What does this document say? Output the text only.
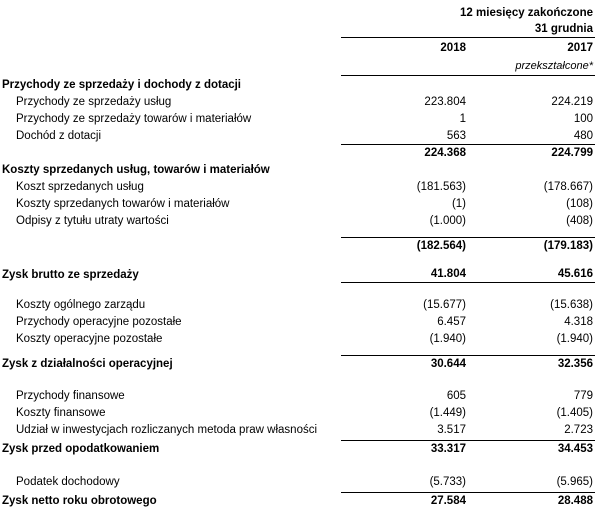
12 miesięcy zakończone
31 grudnia
2018	2017
przekształcone*
Przychody ze sprzedaży i dochody z dotacji
Przychody ze sprzedaży usług	223.804	224.219
Przychody ze sprzedaży towarów i materiałów	1	100
Dochód z dotacji	563	480
224.368	224.799
Koszty sprzedanych usług, towarów i materiałów
Koszt sprzedanych usług	(181.563)	(178.667)
Koszty sprzedanych towarów i materiałów	(1)	(108)
Odpisy z tytułu utraty wartości	(1.000)	(408)
(182.564)	(179.183)
Zysk brutto ze sprzedaży	41.804	45.616
Koszty ogólnego zarządu	(15.677)	(15.638)
Przychody operacyjne pozostałe	6.457	4.318
Koszty operacyjne pozostałe	(1.940)	(1.940)
Zysk z działalności operacyjnej	30.644	32.356
Przychody finansowe	605	779
Koszty finansowe	(1.449)	(1.405)
Udział w inwestycjach rozliczanych metoda praw własności	3.517	2.723
Zysk przed opodatkowaniem	33.317	34.453
Podatek dochodowy	(5.733)	(5.965)
Zysk netto roku obrotowego	27.584	28.488
